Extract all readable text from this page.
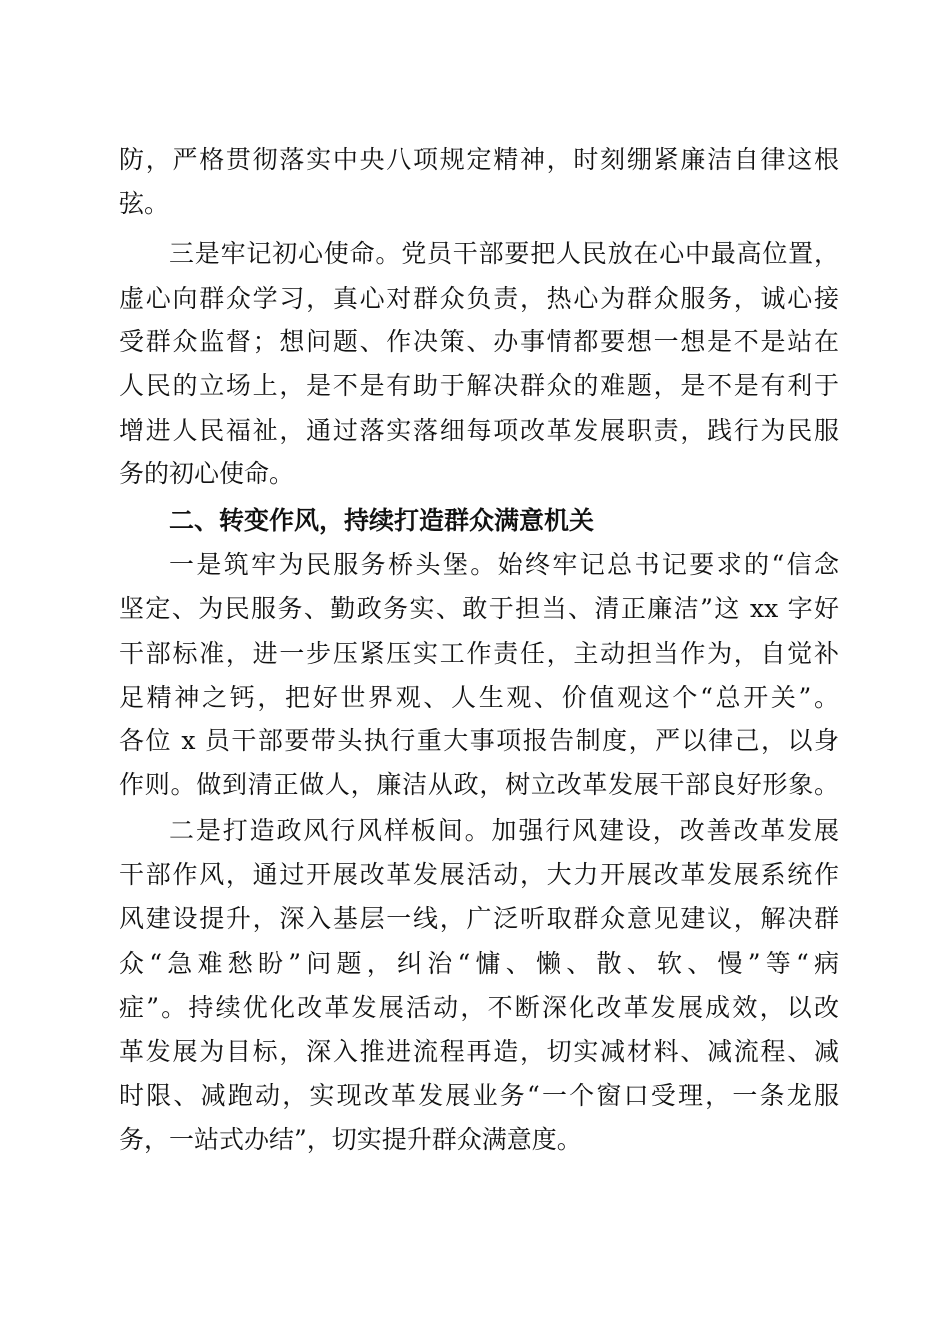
防，严格贯彻落实中央八项规定精神，时刻绷紧廉洁自律这根
弦。
三是牢记初心使命。党员干部要把人民放在心中最高位置，
虚心向群众学习，真心对群众负责，热心为群众服务，诚心接
受群众监督；想问题、作决策、办事情都要想一想是不是站在
人民的立场上，是不是有助于解决群众的难题，是不是有利于
增进人民福祉，通过落实落细每项改革发展职责，践行为民服
务的初心使命。
二、转变作风，持续打造群众满意机关
一是筑牢为民服务桥头堡。始终牢记总书记要求的“信念
坚定、为民服务、勤政务实、敢于担当、清正廉洁”这 xx 字好
干部标准，进一步压紧压实工作责任，主动担当作为，自觉补
足精神之钙，把好世界观、人生观、价值观这个“总开关”。
各位 x 员干部要带头执行重大事项报告制度，严以律己，以身
作则。做到清正做人，廉洁从政，树立改革发展干部良好形象。
二是打造政风行风样板间。加强行风建设，改善改革发展
干部作风，通过开展改革发展活动，大力开展改革发展系统作
风建设提升，深入基层一线，广泛听取群众意见建议，解决群
众“急难愁盼”问题，纠治“慵、懒、散、软、慢”等“病
症”。持续优化改革发展活动，不断深化改革发展成效，以改
革发展为目标，深入推进流程再造，切实减材料、减流程、减
时限、减跑动，实现改革发展业务“一个窗口受理，一条龙服
务，一站式办结”，切实提升群众满意度。
